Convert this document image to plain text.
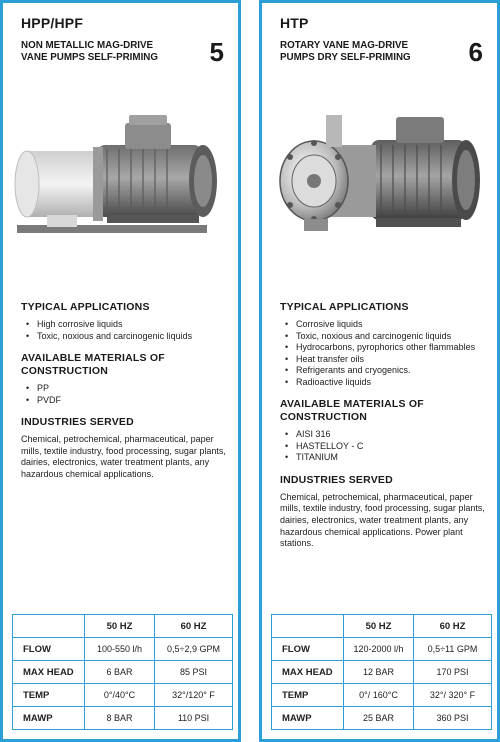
HPP/HPF
NON METALLIC MAG-DRIVE
VANE PUMPS SELF-PRIMING	5
TYPICAL APPLICATIONS
• High corrosive liquids
• Toxic, noxious and carcinogenic liquids
AVAILABLE MATERIALS OF
CONSTRUCTION
• PP
• PVDF
INDUSTRIES SERVED

Chemical, petrochemical, pharmaceutical, paper mills, textile industry, food processing, sugar plants, dairies, electronics, water treatment plants, any hazardous chemical applications.

	50 HZ	60 HZ
FLOW	100-550 l/h	0,5÷2,9 GPM
MAX HEAD	6 BAR	85 PSI
TEMP	0°/40°C	32°/120° F
MAWP	8 BAR	110 PSI
HTP
ROTARY VANE MAG-DRIVE
PUMPS DRY SELF-PRIMING	6
TYPICAL APPLICATIONS
• Corrosive liquids
• Toxic, noxious and carcinogenic liquids
• Hydrocarbons, pyrophorics other flammables
• Heat transfer oils
• Refrigerants and cryogenics.
• Radioactive liquids
AVAILABLE MATERIALS OF
CONSTRUCTION
• AISI 316
• HASTELLOY - C
• TITANIUM
INDUSTRIES SERVED

Chemical, petrochemical, pharmaceutical, paper mills, textile industry, food processing, sugar plants, dairies, electronics, water treatment plants, any hazardous chemical applications. Power plant stations.

	50 HZ	60 HZ
FLOW	120-2000 l/h	0,5÷11 GPM
MAX HEAD	12 BAR	170 PSI
TEMP	0°/ 160°C	32°/ 320° F
MAWP	25 BAR	360 PSI
